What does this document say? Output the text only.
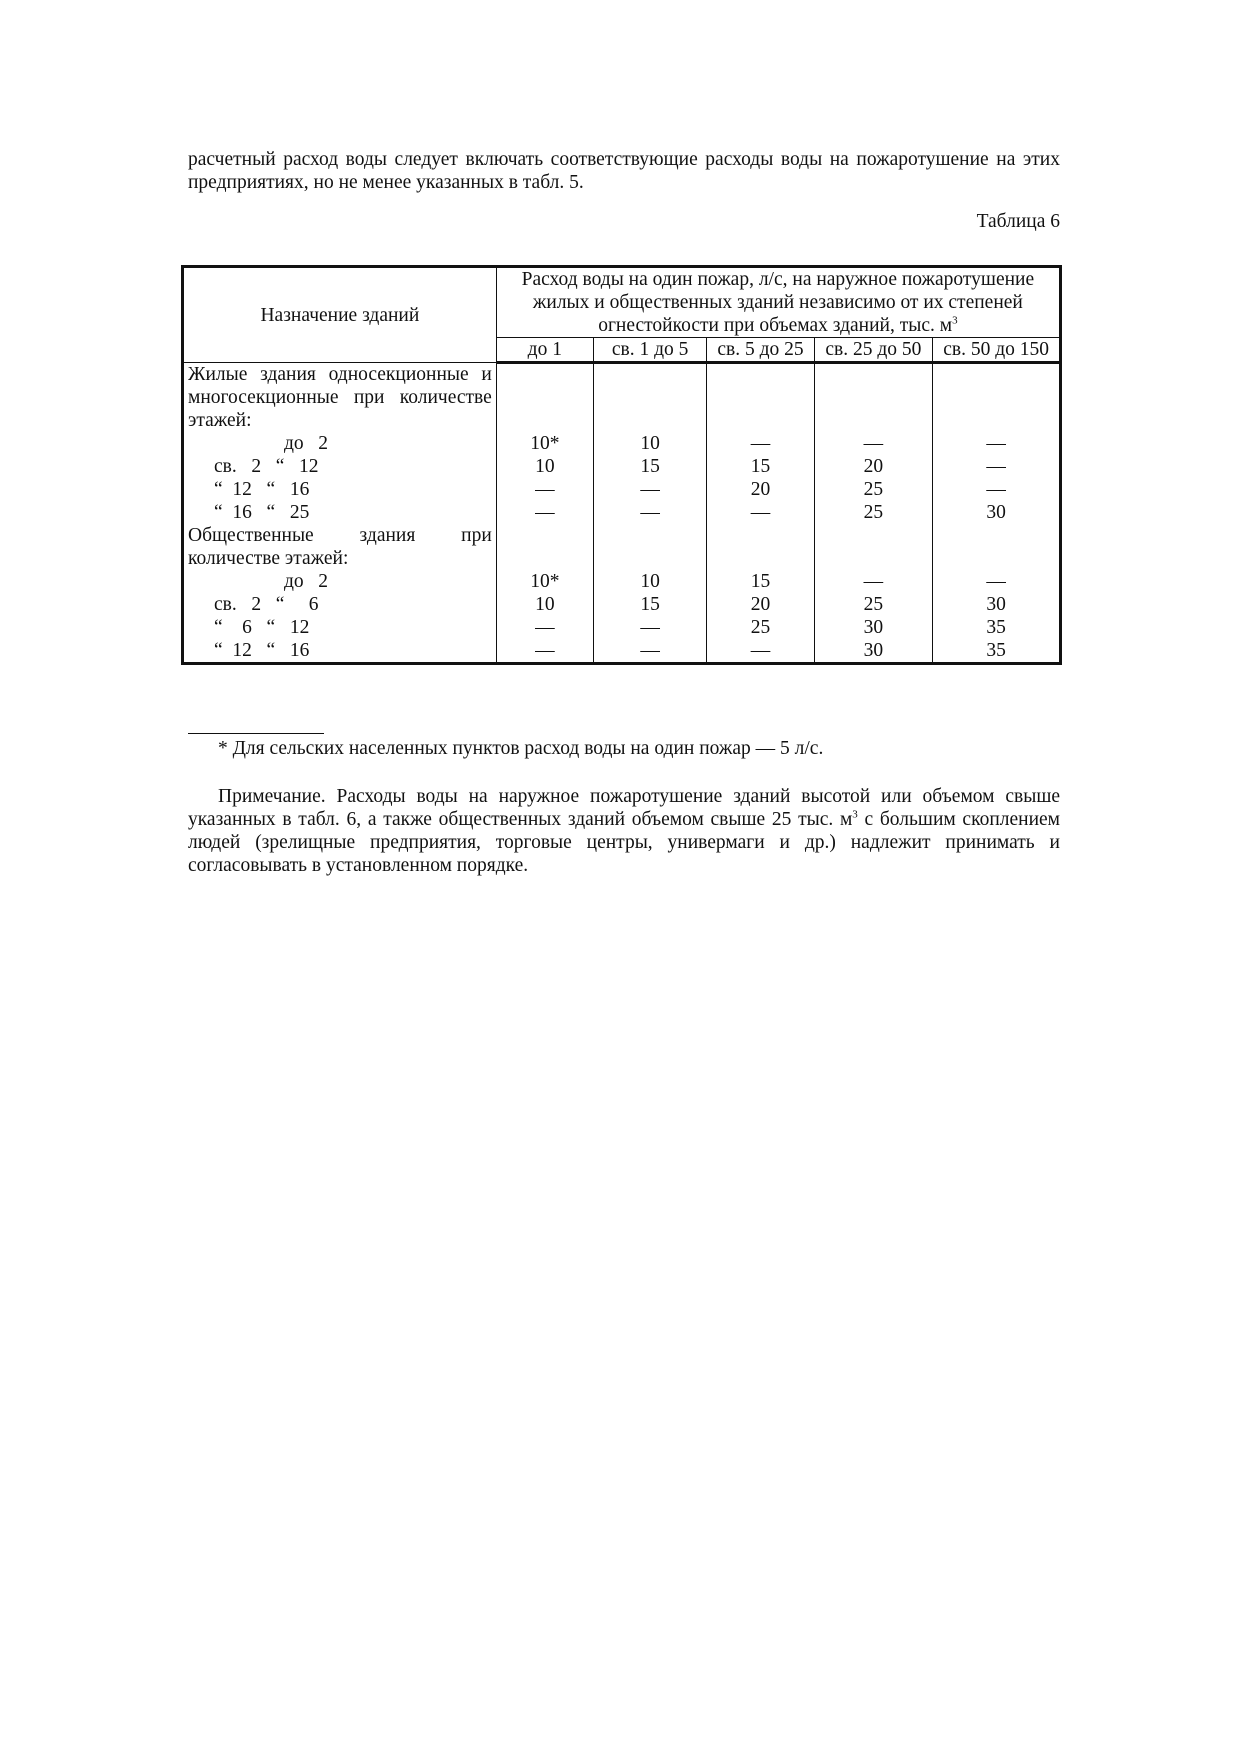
расчетный расход воды следует включать соответствующие расходы воды на пожаротушение на этих предприятиях, но не менее указанных в табл. 5.

Таблица 6
Назначение зданий	Расход воды на один пожар, л/с, на наружное пожаротушение жилых и общественных зданий независимо от их степеней огнестойкости при объемах зданий, тыс. $м^3$
	до 1	св. 1 до 5	св. 5 до 25	св. 25 до 50	св. 50 до 150
Жилые здания односекционные и многосекционные при количестве этажей:					
до 2	10*	10	—	—	—
св. 2 “ 12	10	15	15	20	—
“ 12 “ 16	—	—	20	25	—
“ 16 “ 25	—	—	—	25	30
Общественные здания при количестве этажей:					
до 2	10*	10	15	—	—
св. 2 “ 6	10	15	20	25	30
“ 6 “ 12	—	—	25	30	35
“ 12 “ 16	—	—	—	30	35
* Для сельских населенных пунктов расход воды на один пожар — 5 л/с.
Примечание. Расходы воды на наружное пожаротушение зданий высотой или объемом свыше указанных в табл. 6, а также общественных зданий объемом свыше 25 тыс. $м^3$ с большим скоплением людей (зрелищные предприятия, торговые центры, универмаги и др.) надлежит принимать и согласовывать в установленном порядке.
